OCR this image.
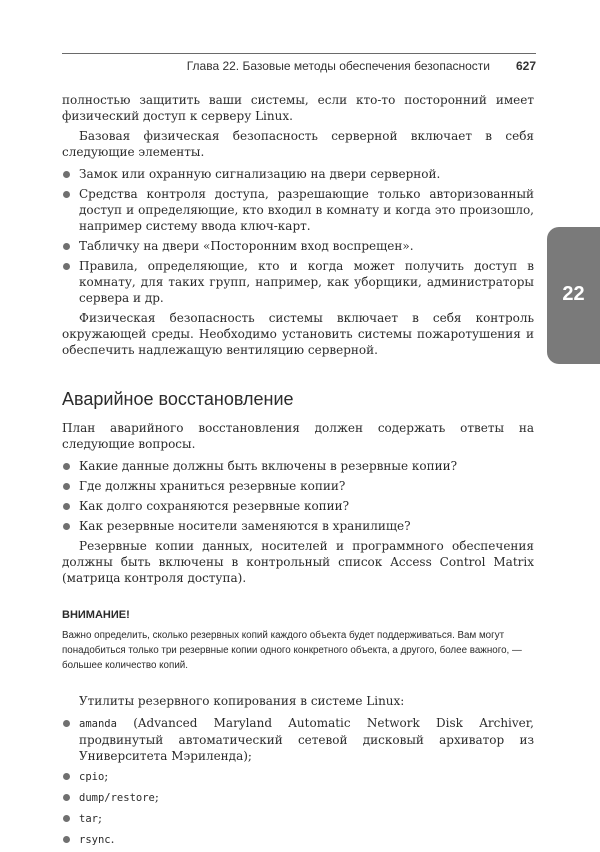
Глава 22. Базовые методы обеспечения безопасности 627
22

полностью защитить ваши системы, если кто-то посторонний имеет физический доступ к серверу Linux.

Базовая физическая безопасность серверной включает в себя следующие элементы.

Замок или охранную сигнализацию на двери серверной.
Средства контроля доступа, разрешающие только авторизованный доступ и определяющие, кто входил в комнату и когда это произошло, например систему ввода ключ-карт.
Табличку на двери «Посторонним вход воспрещен».
Правила, определяющие, кто и когда может получить доступ в комнату, для таких групп, например, как уборщики, администраторы сервера и др.

Физическая безопасность системы включает в себя контроль окружающей среды. Необходимо установить системы пожаротушения и обеспечить надлежащую вентиляцию серверной.

Аварийное восстановление

План аварийного восстановления должен содержать ответы на следующие вопросы.

Какие данные должны быть включены в резервные копии?
Где должны храниться резервные копии?
Как долго сохраняются резервные копии?
Как резервные носители заменяются в хранилище?

Резервные копии данных, носителей и программного обеспечения должны быть включены в контрольный список Access Control Matrix (матрица контроля доступа).

ВНИМАНИЕ!
Важно определить, сколько резервных копий каждого объекта будет поддерживаться. Вам могут понадобиться только три резервные копии одного конкретного объекта, а другого, более важного, — большее количество копий.

Утилиты резервного копирования в системе Linux:

amanda (Advanced Maryland Automatic Network Disk Archiver, продвинутый автоматический сетевой дисковый архиватор из Университета Мэриленда);
cpio;
dump/restore;
tar;
rsync.
